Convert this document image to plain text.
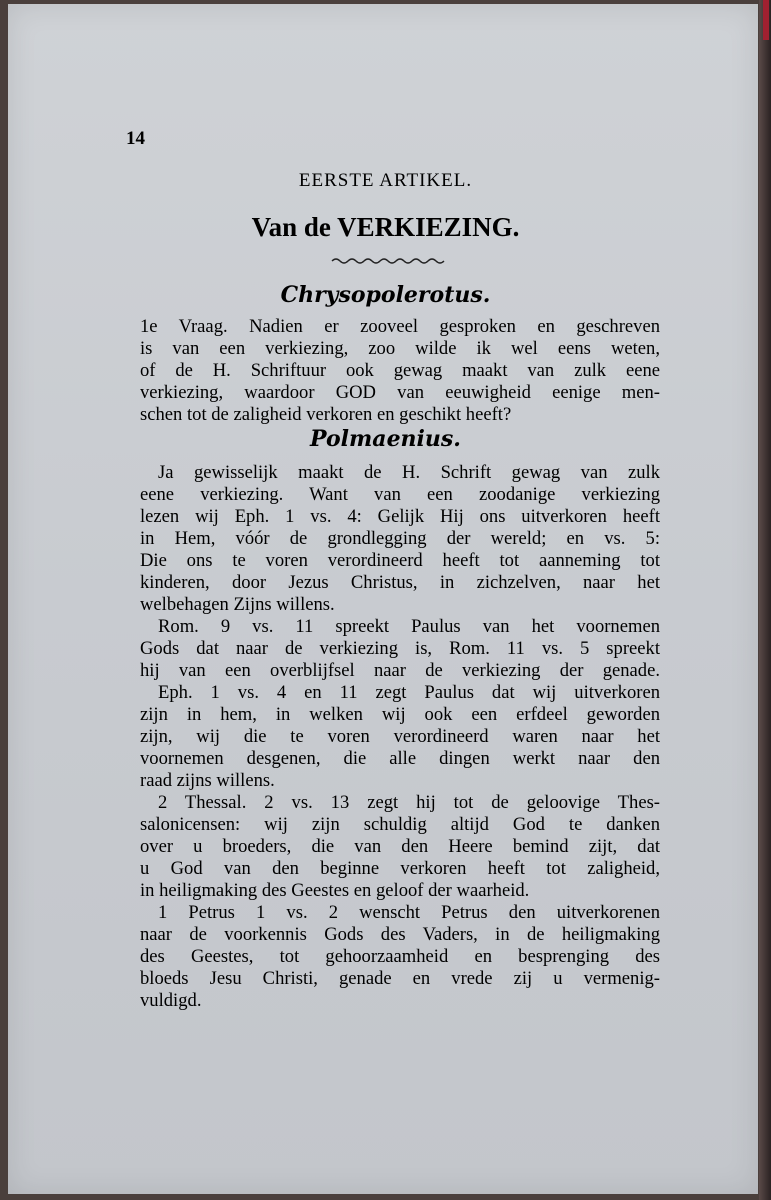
14
EERSTE ARTIKEL.
Van de VERKIEZING.
Chrysopolerotus.
1e Vraag. Nadien er zooveel gesproken en geschreven
is van een verkiezing, zoo wilde ik wel eens weten,
of de H. Schriftuur ook gewag maakt van zulk eene
verkiezing, waardoor GOD van eeuwigheid eenige men-
schen tot de zaligheid verkoren en geschikt heeft?
Polmaenius.
Ja gewisselijk maakt de H. Schrift gewag van zulk
eene verkiezing. Want van een zoodanige verkiezing
lezen wij Eph. 1 vs. 4: Gelijk Hij ons uitverkoren heeft
in Hem, vóór de grondlegging der wereld; en vs. 5:
Die ons te voren verordineerd heeft tot aanneming tot
kinderen, door Jezus Christus, in zichzelven, naar het
welbehagen Zijns willens.
Rom. 9 vs. 11 spreekt Paulus van het voornemen
Gods dat naar de verkiezing is, Rom. 11 vs. 5 spreekt
hij van een overblijfsel naar de verkiezing der genade.
Eph. 1 vs. 4 en 11 zegt Paulus dat wij uitverkoren
zijn in hem, in welken wij ook een erfdeel geworden
zijn, wij die te voren verordineerd waren naar het
voornemen desgenen, die alle dingen werkt naar den
raad zijns willens.
2 Thessal. 2 vs. 13 zegt hij tot de geloovige Thes-
salonicensen: wij zijn schuldig altijd God te danken
over u broeders, die van den Heere bemind zijt, dat
u God van den beginne verkoren heeft tot zaligheid,
in heiligmaking des Geestes en geloof der waarheid.
1 Petrus 1 vs. 2 wenscht Petrus den uitverkorenen
naar de voorkennis Gods des Vaders, in de heiligmaking
des Geestes, tot gehoorzaamheid en besprenging des
bloeds Jesu Christi, genade en vrede zij u vermenig-
vuldigd.
